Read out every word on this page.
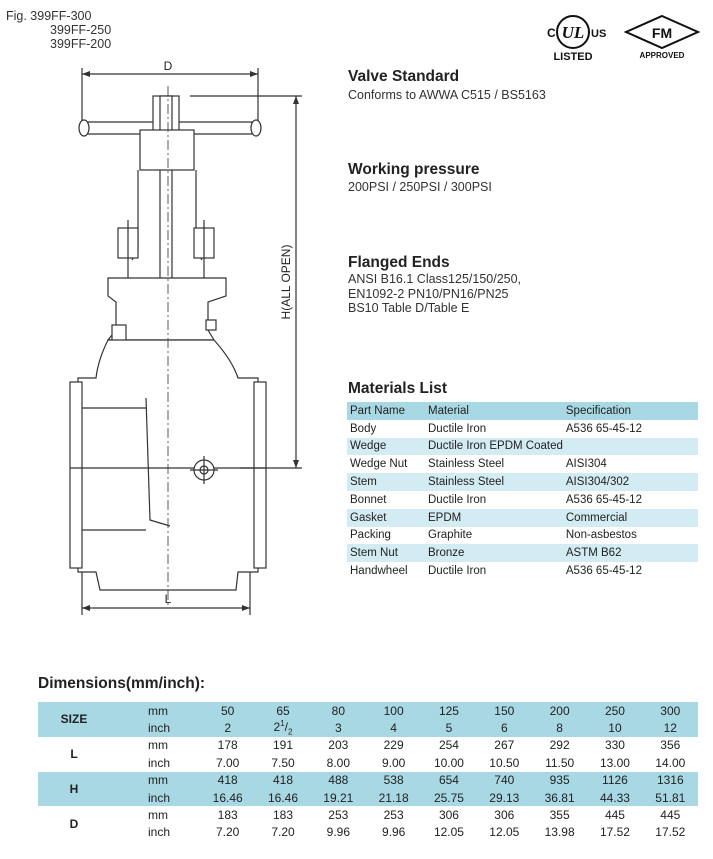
Fig. 399FF-300
399FF-250
399FF-200
C UL US
LISTED
FM
APPROVED
D
L
H(ALL OPEN)
Valve Standard
Conforms to AWWA C515 / BS5163
Working pressure
200PSI / 250PSI / 300PSI
Flanged Ends
ANSI B16.1 Class125/150/250,
EN1092-2 PN10/PN16/PN25
BS10 Table D/Table E
Materials List
Part Name	Material	Specification
Body	Ductile Iron	A536 65-45-12
Wedge	Ductile Iron EPDM Coated	
Wedge Nut	Stainless Steel	AISI304
Stem	Stainless Steel	AISI304/302
Bonnet	Ductile Iron	A536 65-45-12
Gasket	EPDM	Commercial
Packing	Graphite	Non-asbestos
Stem Nut	Bronze	ASTM B62
Handwheel	Ductile Iron	A536 65-45-12
Dimensions(mm/inch):
SIZE	mm	50	65	80	100	125	150	200	250	300
	inch	2	$2^1/_2$	3	4	5	6	8	10	12
L	mm	178	191	203	229	254	267	292	330	356
	inch	7.00	7.50	8.00	9.00	10.00	10.50	11.50	13.00	14.00
H	mm	418	418	488	538	654	740	935	1126	1316
	inch	16.46	16.46	19.21	21.18	25.75	29.13	36.81	44.33	51.81
D	mm	183	183	253	253	306	306	355	445	445
	inch	7.20	7.20	9.96	9.96	12.05	12.05	13.98	17.52	17.52
